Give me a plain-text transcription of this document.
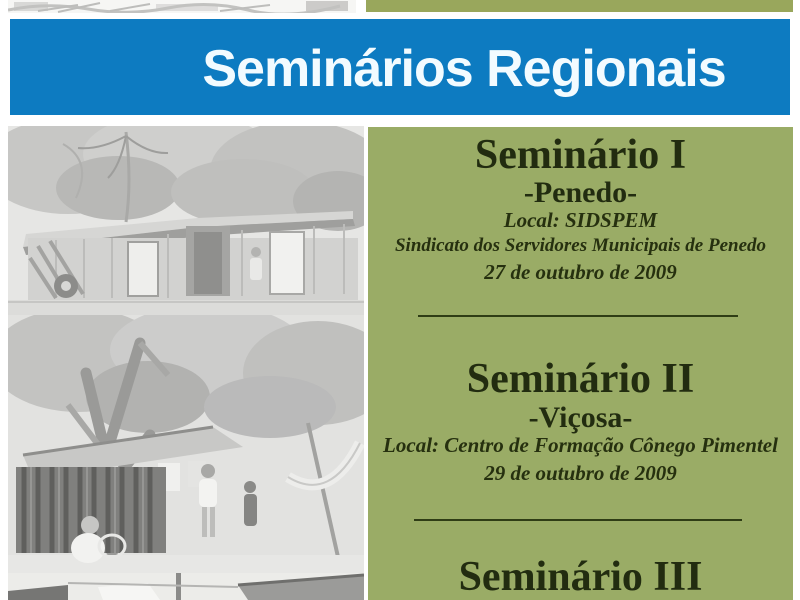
Seminários Regionais
Seminário I
-Penedo-
Local: SIDSPEM
Sindicato dos Servidores Municipais de Penedo
27 de outubro de 2009
Seminário II
-Viçosa-
Local: Centro de Formação Cônego Pimentel
29 de outubro de 2009
Seminário III
